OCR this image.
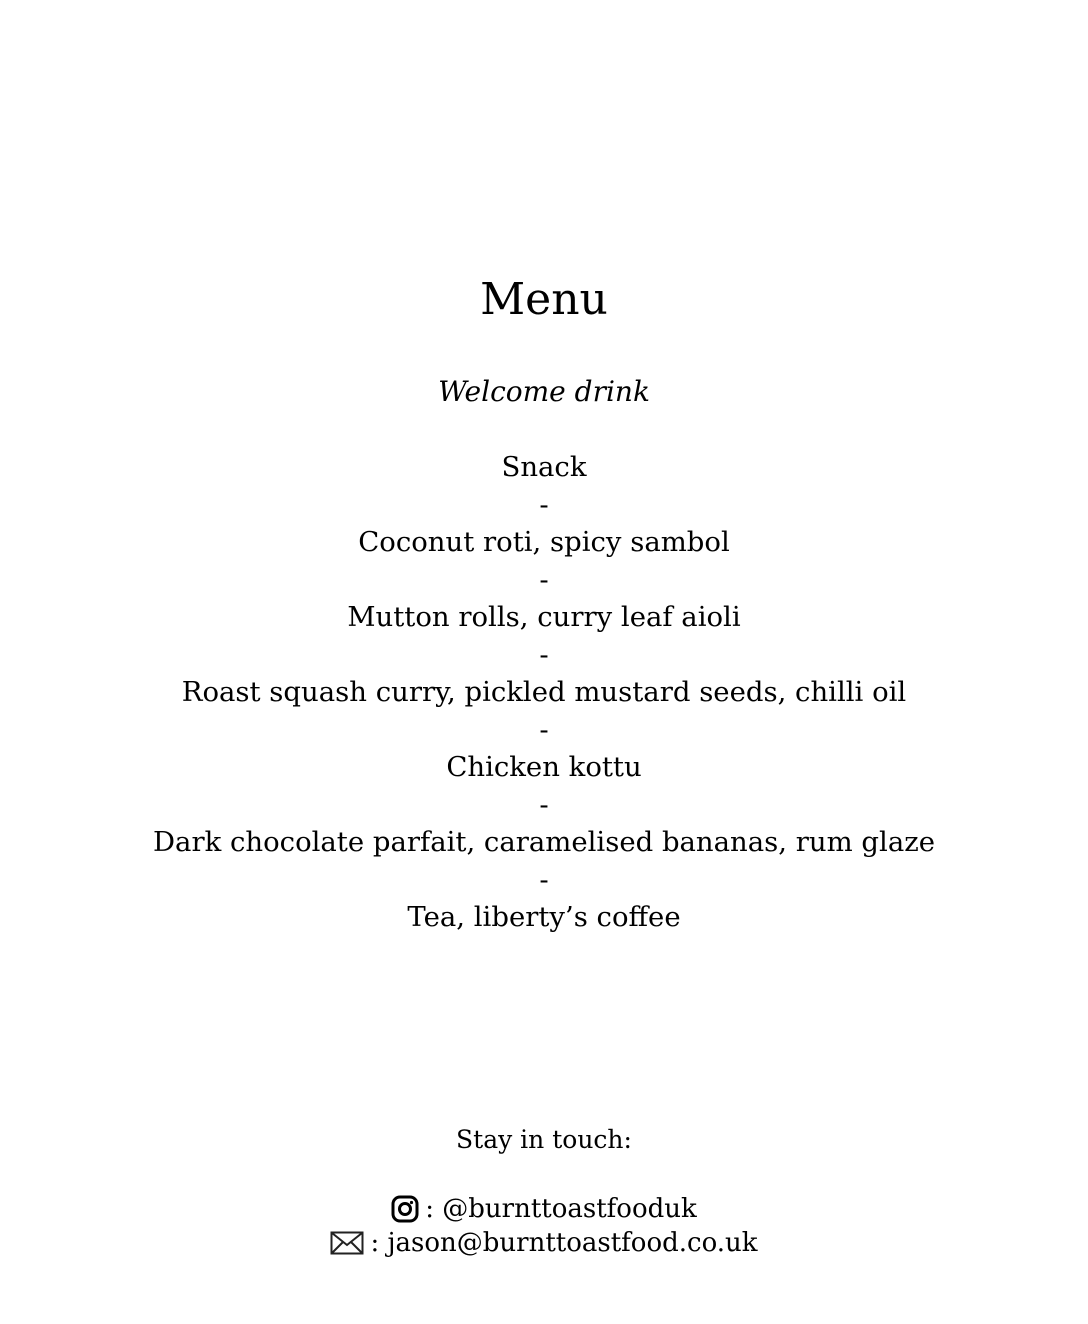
Menu
Welcome drink
Snack
-
Coconut roti, spicy sambol
-
Mutton rolls, curry leaf aioli
-
Roast squash curry, pickled mustard seeds, chilli oil
-
Chicken kottu
-
Dark chocolate parfait, caramelised bananas, rum glaze
-
Tea, liberty’s coffee
Stay in touch:
: @burnttoastfooduk
: jason@burnttoastfood.co.uk
